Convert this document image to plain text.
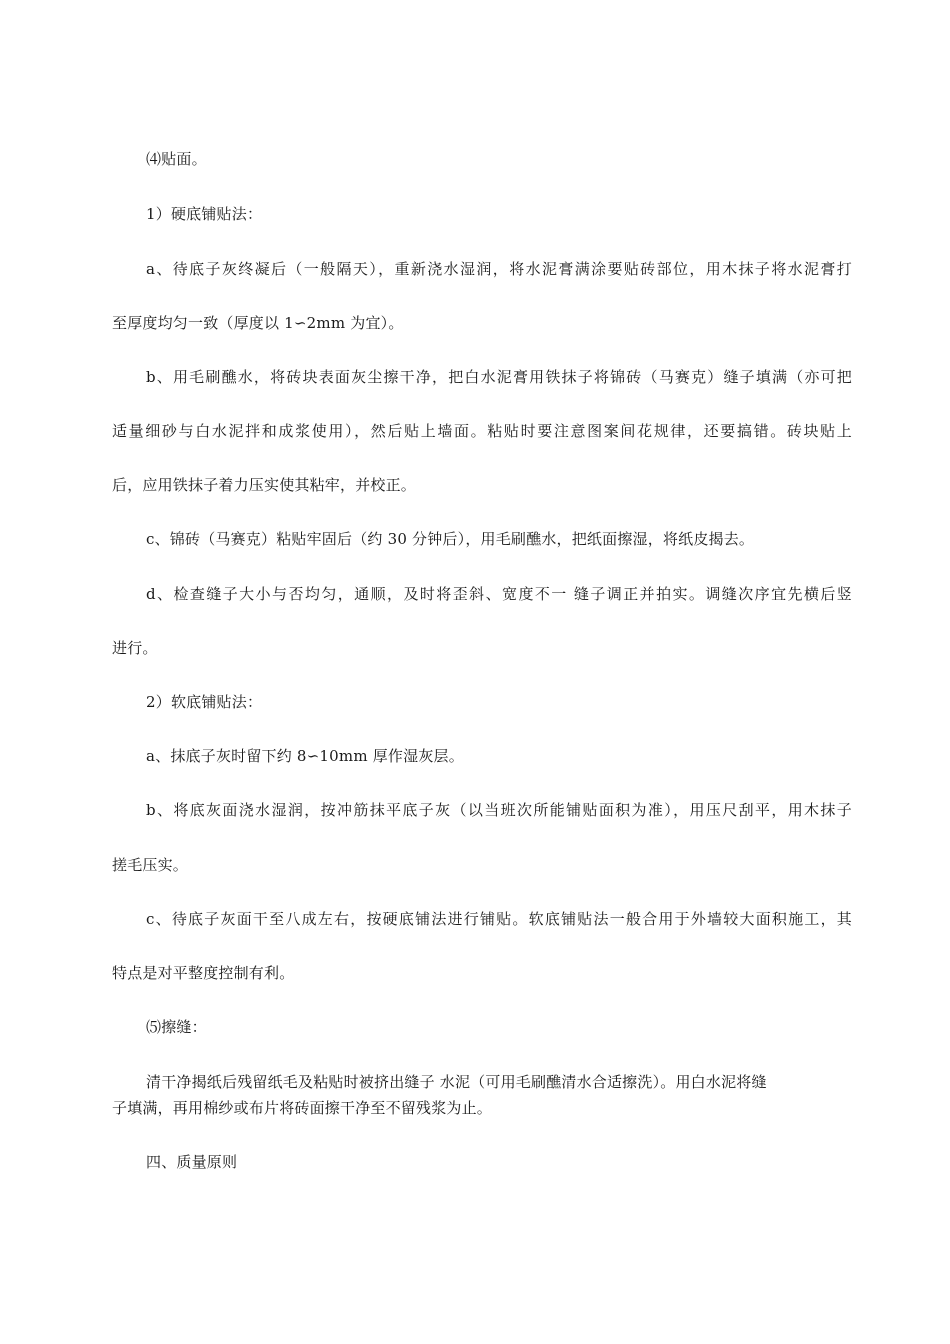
⑷贴面。
1）硬底铺贴法：
a、待底子灰终凝后（一般隔天），重新浇水湿润，将水泥膏满涂要贴砖部位，用木抹子将水泥膏打
至厚度均匀一致（厚度以 1∽2mm 为宜）。
b、用毛刷醮水，将砖块表面灰尘擦干净，把白水泥膏用铁抹子将锦砖（马赛克）缝子填满（亦可把
适量细砂与白水泥拌和成浆使用），然后贴上墙面。粘贴时要注意图案间花规律，还要搞错。砖块贴上
后，应用铁抹子着力压实使其粘牢，并校正。
c、锦砖（马赛克）粘贴牢固后（约 30 分钟后），用毛刷醮水，把纸面擦湿，将纸皮揭去。
d、检查缝子大小与否均匀，通顺，及时将歪斜、宽度不一 缝子调正并拍实。调缝次序宜先横后竖
进行。
2）软底铺贴法：
a、抹底子灰时留下约 8∽10mm 厚作湿灰层。
b、将底灰面浇水湿润，按冲筋抹平底子灰（以当班次所能铺贴面积为准），用压尺刮平，用木抹子
搓毛压实。
c、待底子灰面干至八成左右，按硬底铺法进行铺贴。软底铺贴法一般合用于外墙较大面积施工，其
特点是对平整度控制有利。
⑸擦缝：
清干净揭纸后残留纸毛及粘贴时被挤出缝子 水泥（可用毛刷醮清水合适擦洗）。用白水泥将缝
子填满，再用棉纱或布片将砖面擦干净至不留残浆为止。
四、质量原则
